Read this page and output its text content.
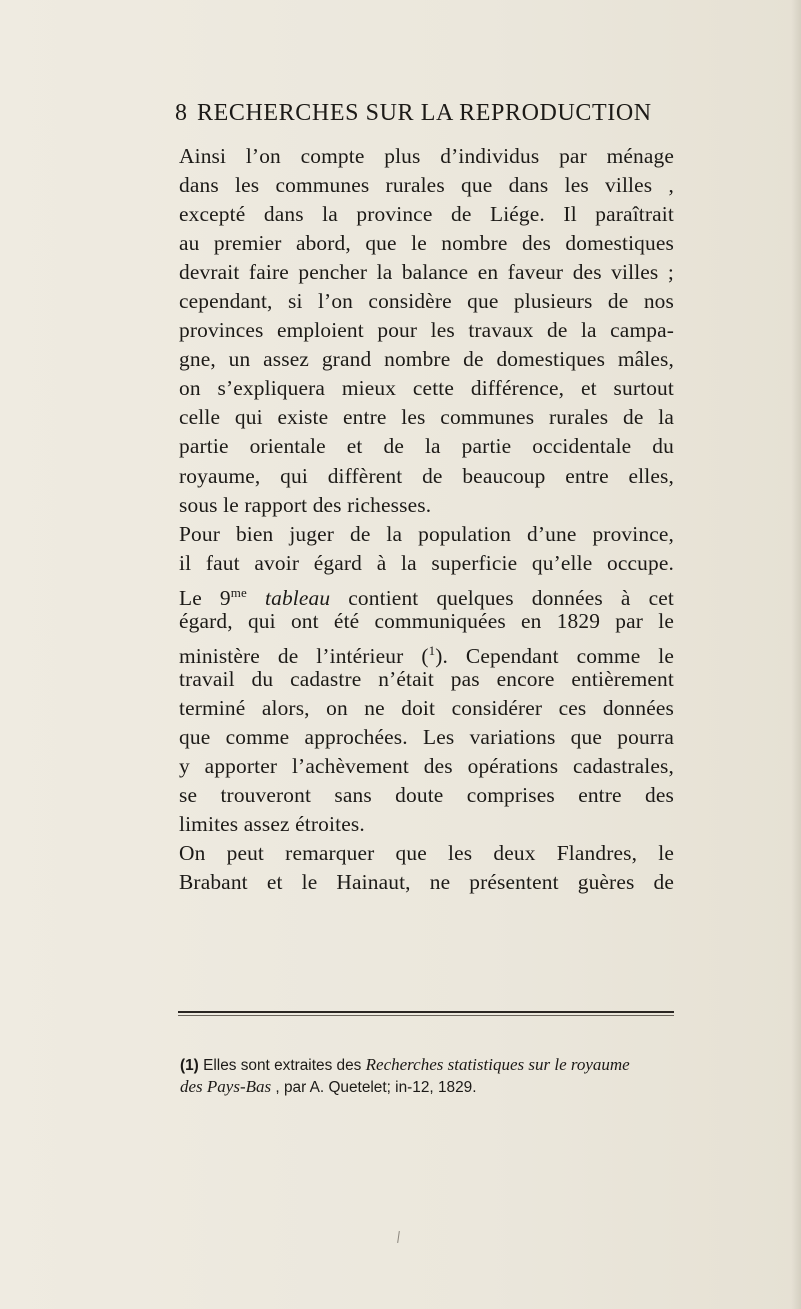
8 RECHERCHES SUR LA REPRODUCTION
Ainsi l’on compte plus d’individus par ménage
dans les communes rurales que dans les villes ,
excepté dans la province de Liége. Il paraîtrait
au premier abord, que le nombre des domestiques
devrait faire pencher la balance en faveur des villes ;
cependant, si l’on considère que plusieurs de nos
provinces emploient pour les travaux de la campa-
gne, un assez grand nombre de domestiques mâles,
on s’expliquera mieux cette différence, et surtout
celle qui existe entre les communes rurales de la
partie orientale et de la partie occidentale du
royaume, qui diffèrent de beaucoup entre elles,
sous le rapport des richesses.
Pour bien juger de la population d’une province,
il faut avoir égard à la superficie qu’elle occupe.
Le $9^{me}$ tableau contient quelques données à cet
égard, qui ont été communiquées en 1829 par le
ministère de l’intérieur ($^1$). Cependant comme le
travail du cadastre n’était pas encore entièrement
terminé alors, on ne doit considérer ces données
que comme approchées. Les variations que pourra
y apporter l’achèvement des opérations cadastrales,
se trouveront sans doute comprises entre des
limites assez étroites.
On peut remarquer que les deux Flandres, le
Brabant et le Hainaut, ne présentent guères de
(1) Elles sont extraites des Recherches statistiques sur le royaume
des Pays-Bas , par A. Quetelet; in-12, 1829.
